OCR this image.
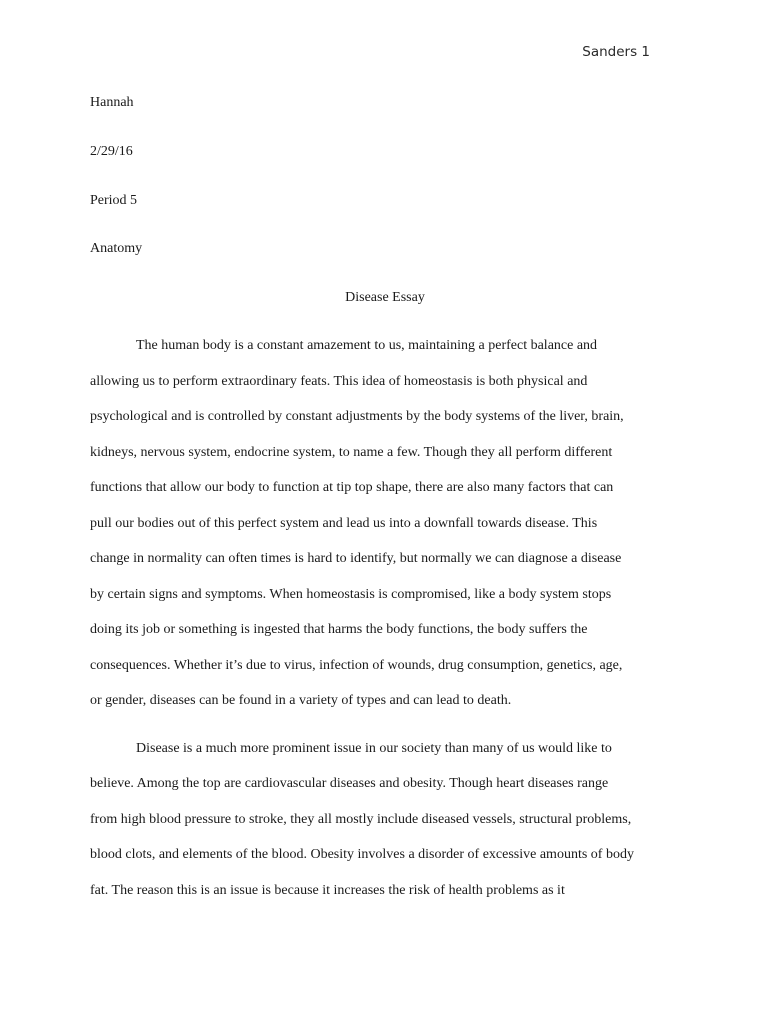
Sanders 1
Hannah
2/29/16
Period 5
Anatomy
Disease Essay
The human body is a constant amazement to us, maintaining a perfect balance and
allowing us to perform extraordinary feats. This idea of homeostasis is both physical and
psychological and is controlled by constant adjustments by the body systems of the liver, brain,
kidneys, nervous system, endocrine system, to name a few. Though they all perform different
functions that allow our body to function at tip top shape, there are also many factors that can
pull our bodies out of this perfect system and lead us into a downfall towards disease. This
change in normality can often times is hard to identify, but normally we can diagnose a disease
by certain signs and symptoms. When homeostasis is compromised, like a body system stops
doing its job or something is ingested that harms the body functions, the body suffers the
consequences. Whether it’s due to virus, infection of wounds, drug consumption, genetics, age,
or gender, diseases can be found in a variety of types and can lead to death.
Disease is a much more prominent issue in our society than many of us would like to
believe. Among the top are cardiovascular diseases and obesity. Though heart diseases range
from high blood pressure to stroke, they all mostly include diseased vessels, structural problems,
blood clots, and elements of the blood. Obesity involves a disorder of excessive amounts of body
fat. The reason this is an issue is because it increases the risk of health problems as it
